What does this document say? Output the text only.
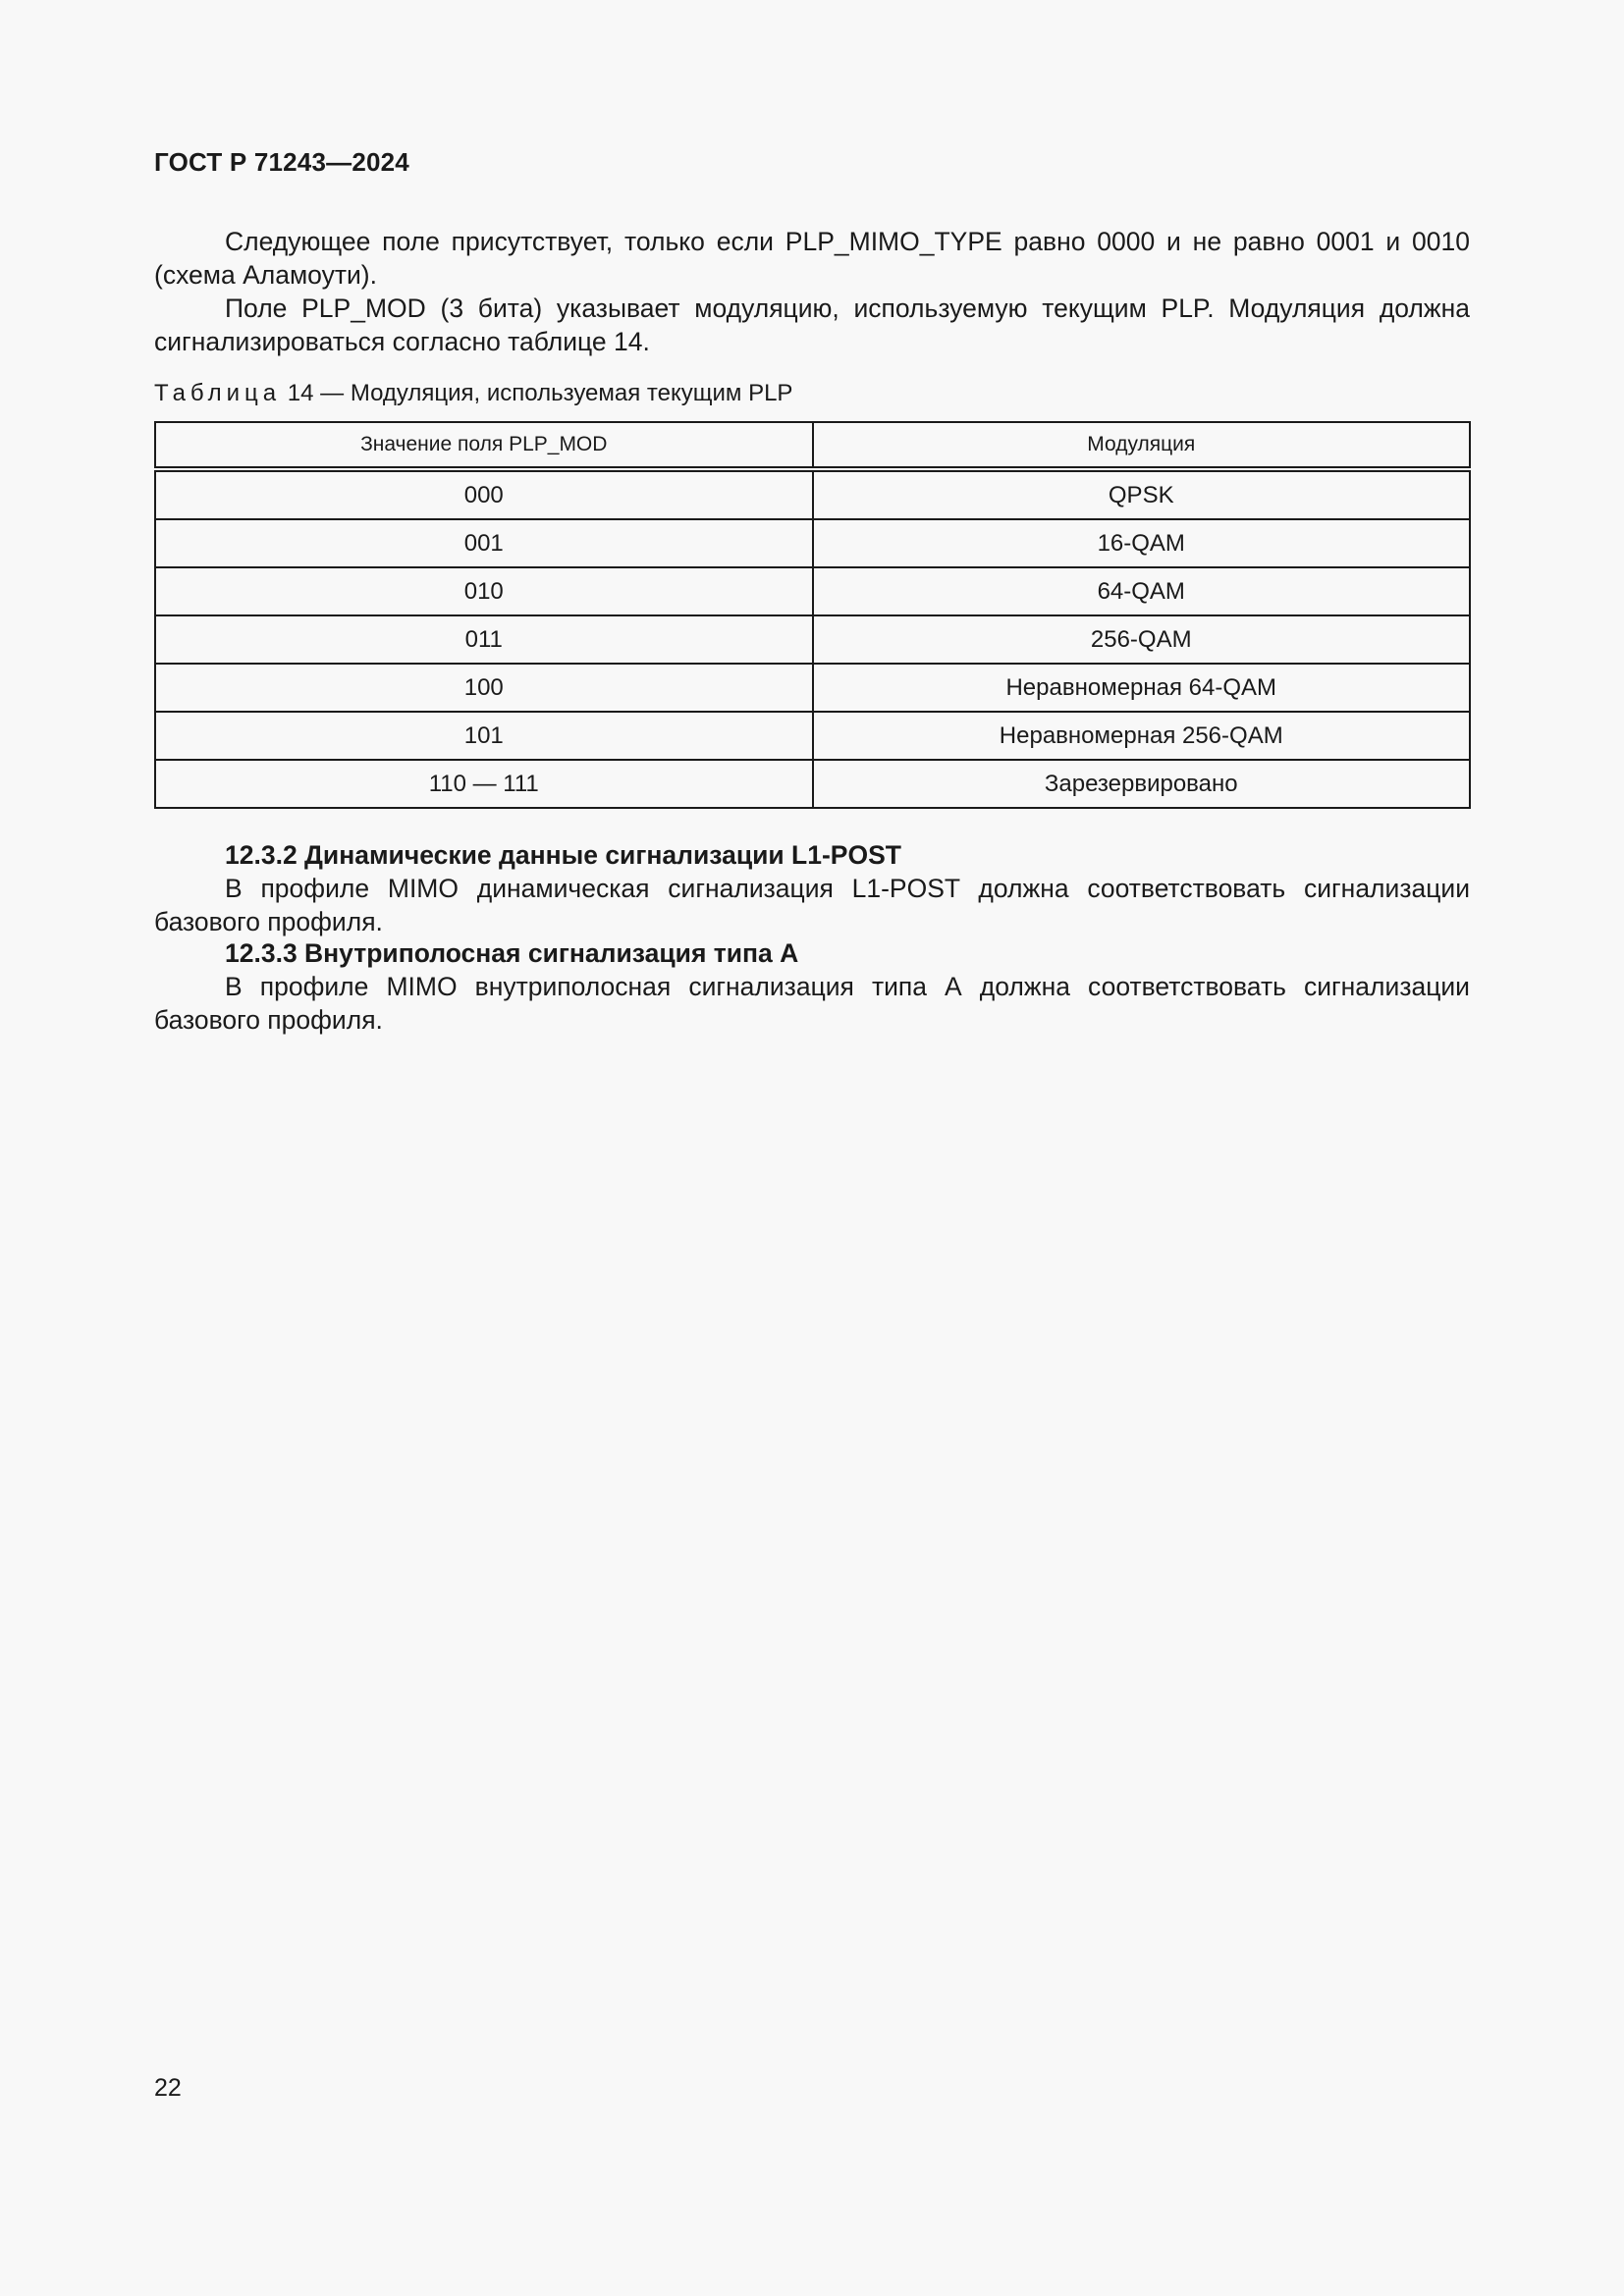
ГОСТ Р 71243—2024

Следующее поле присутствует, только если PLP_MIMO_TYPE равно 0000 и не равно 0001 и 0010 (схема Аламоути).

Поле PLP_MOD (3 бита) указывает модуляцию, используемую текущим PLP. Модуляция должна сигнализироваться согласно таблице 14.

Таблица 14 — Модуляция, используемая текущим PLP
Значение поля PLP_MOD	Модуляция
000	QPSK
001	16-QAM
010	64-QAM
011	256-QAM
100	Неравномерная 64-QAM
101	Неравномерная 256-QAM
110 — 111	Зарезервировано
12.3.2 Динамические данные сигнализации L1-POST

В профиле MIMO динамическая сигнализация L1-POST должна соответствовать сигнализации базового профиля.

12.3.3 Внутриполосная сигнализация типа А

В профиле MIMO внутриполосная сигнализация типа А должна соответствовать сигнализации базового профиля.

22
